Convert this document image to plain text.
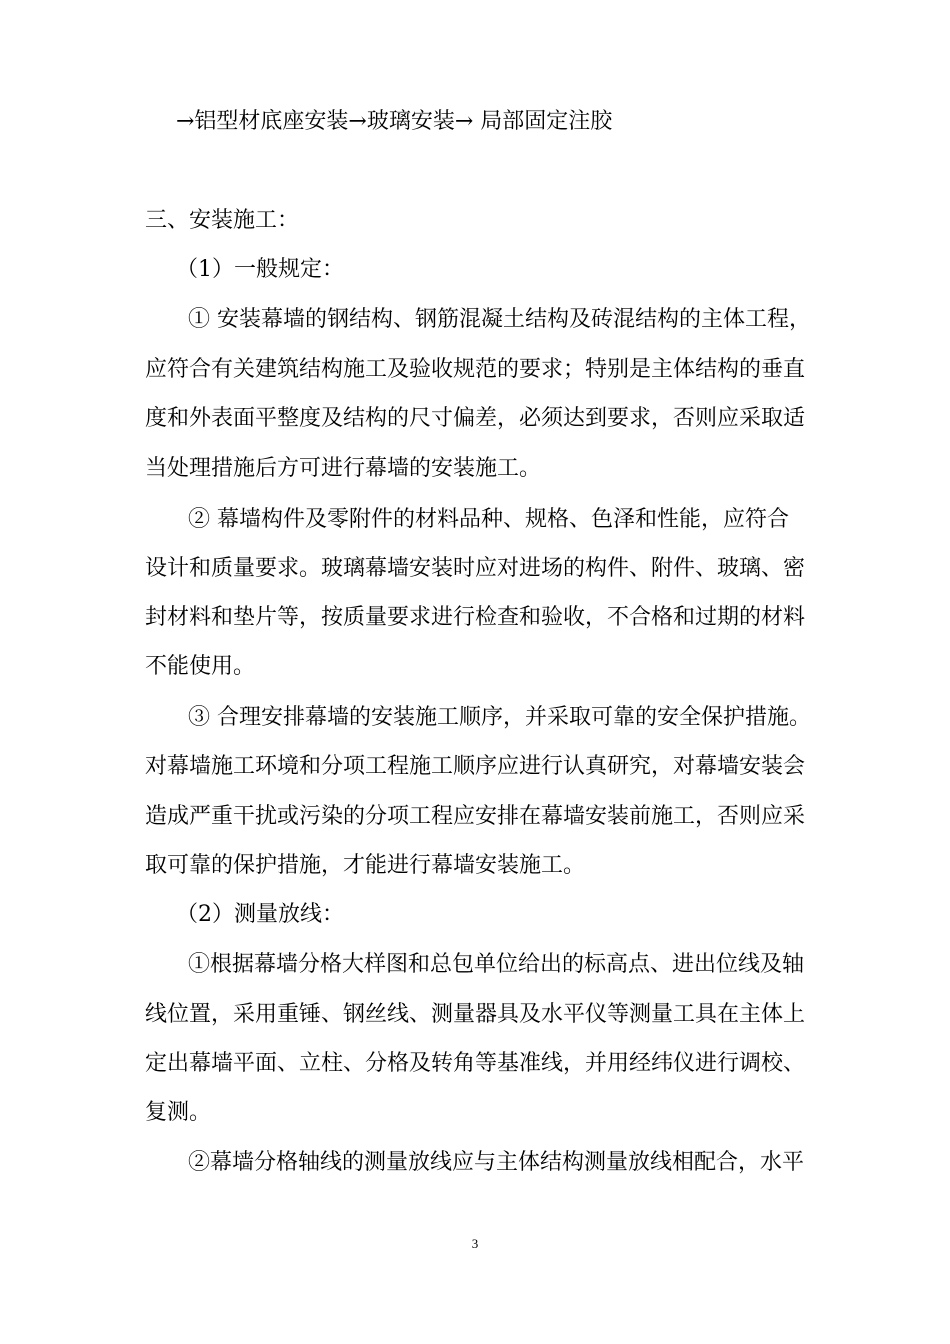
→铝型材底座安装→玻璃安装→ 局部固定注胶
三、安装施工：
（1）一般规定：
① 安装幕墙的钢结构、钢筋混凝土结构及砖混结构的主体工程，
应符合有关建筑结构施工及验收规范的要求；特别是主体结构的垂直
度和外表面平整度及结构的尺寸偏差，必须达到要求，否则应采取适
当处理措施后方可进行幕墙的安装施工。
② 幕墙构件及零附件的材料品种、规格、色泽和性能，应符合
设计和质量要求。玻璃幕墙安装时应对进场的构件、附件、玻璃、密
封材料和垫片等，按质量要求进行检查和验收，不合格和过期的材料
不能使用。
③ 合理安排幕墙的安装施工顺序，并采取可靠的安全保护措施。
对幕墙施工环境和分项工程施工顺序应进行认真研究，对幕墙安装会
造成严重干扰或污染的分项工程应安排在幕墙安装前施工，否则应采
取可靠的保护措施，才能进行幕墙安装施工。
（2）测量放线：
①根据幕墙分格大样图和总包单位给出的标高点、进出位线及轴
线位置，采用重锤、钢丝线、测量器具及水平仪等测量工具在主体上
定出幕墙平面、立柱、分格及转角等基准线，并用经纬仪进行调校、
复测。
②幕墙分格轴线的测量放线应与主体结构测量放线相配合，水平
3
